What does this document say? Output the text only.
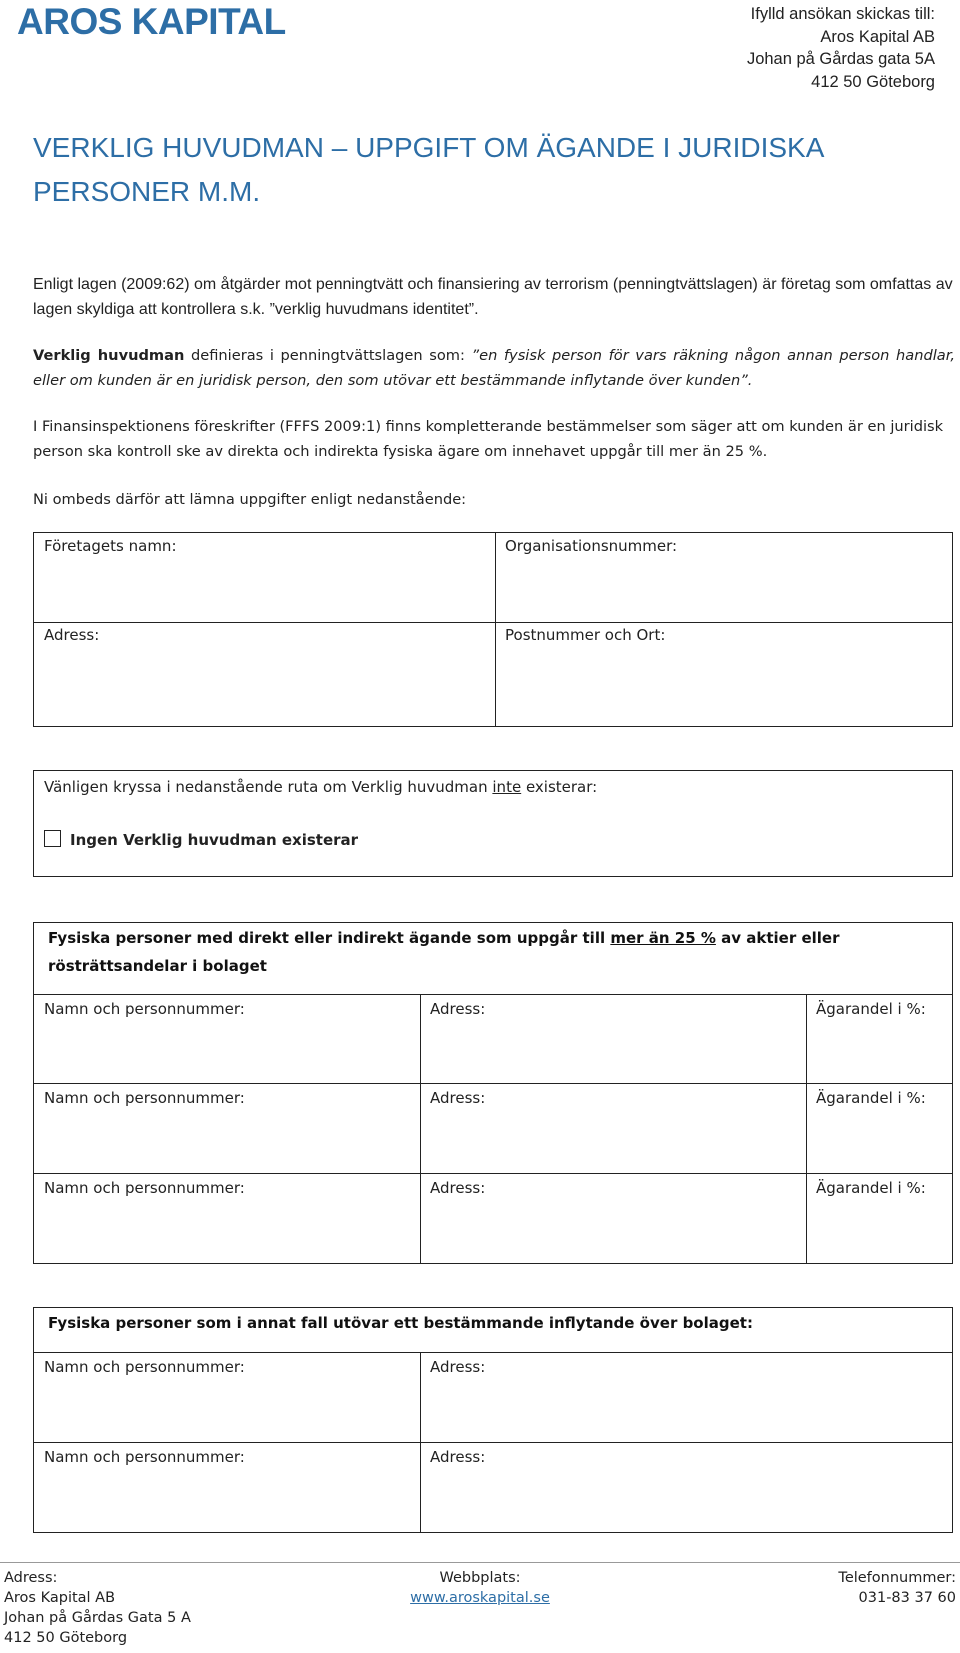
AROS KAPITAL	Ifylld ansökan skickas till:
Aros Kapital AB
Johan på Gårdas gata 5A
412 50 Göteborg
VERKLIG HUVUDMAN – UPPGIFT OM ÄGANDE I JURIDISKA PERSONER M.M.

Enligt lagen (2009:62) om åtgärder mot penningtvätt och finansiering av terrorism (penningtvättslagen) är företag som omfattas av lagen skyldiga att kontrollera s.k. ”verklig huvudmans identitet”.

Verklig huvudman definieras i penningtvättslagen som: ”en fysisk person för vars räkning någon annan person handlar, eller om kunden är en juridisk person, den som utövar ett bestämmande inflytande över kunden”.

I Finansinspektionens föreskrifter (FFFS 2009:1) finns kompletterande bestämmelser som säger att om kunden är en juridisk person ska kontroll ske av direkta och indirekta fysiska ägare om innehavet uppgår till mer än 25 %.

Ni ombeds därför att lämna uppgifter enligt nedanstående:

Företagets namn:	Organisationsnummer:
Adress:	Postnummer och Ort:
Vänligen kryssa i nedanstående ruta om Verklig huvudman inte existerar:
Ingen Verklig huvudman existerar
Fysiska personer med direkt eller indirekt ägande som uppgår till mer än 25 % av aktier eller rösträttsandelar i bolaget
Namn och personnummer:	Adress:	Ägarandel i %:
Namn och personnummer:	Adress:	Ägarandel i %:
Namn och personnummer:	Adress:	Ägarandel i %:
Fysiska personer som i annat fall utövar ett bestämmande inflytande över bolaget:
Namn och personnummer:	Adress:
Namn och personnummer:	Adress:
Adress:
Aros Kapital AB
Johan på Gårdas Gata 5 A
412 50 Göteborg
Webbplats:
www.aroskapital.se
Telefonnummer:
031-83 37 60
